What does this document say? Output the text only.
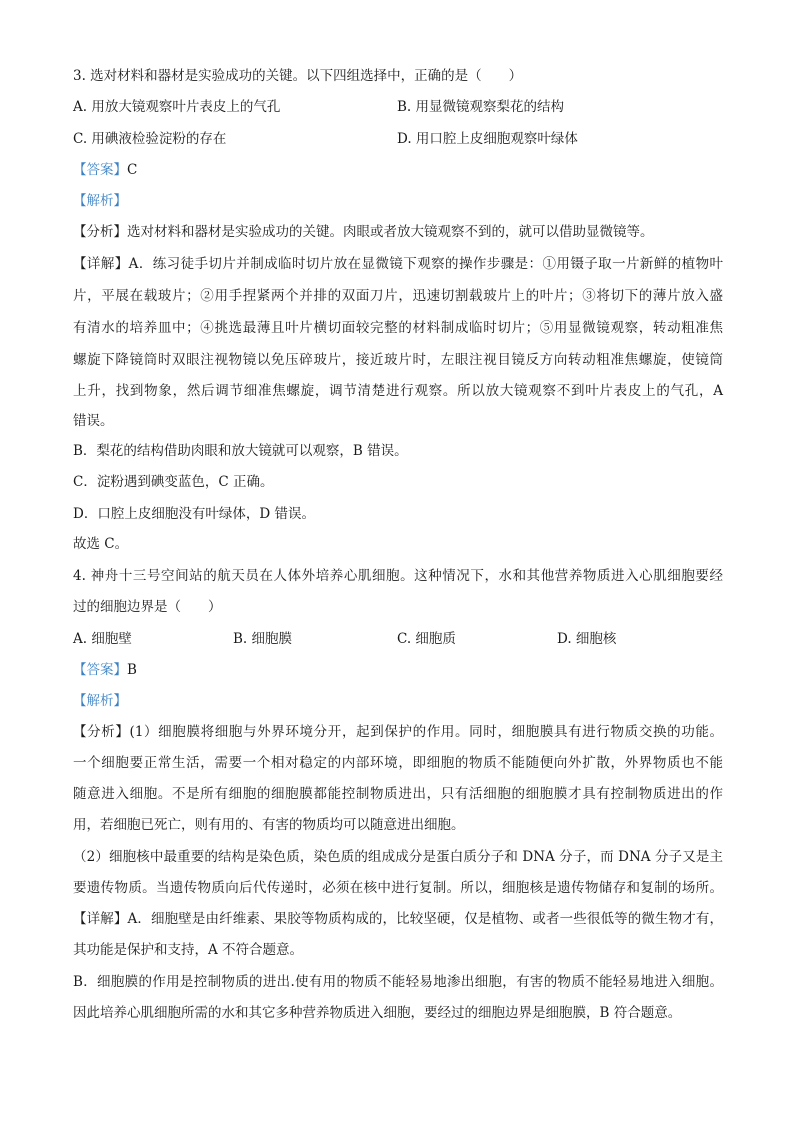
3. 选对材料和器材是实验成功的关键。以下四组选择中，正确的是（　　）
A. 用放大镜观察叶片表皮上的气孔	B. 用显微镜观察梨花的结构
C. 用碘液检验淀粉的存在	D. 用口腔上皮细胞观察叶绿体
【答案】C
【解析】
【分析】选对材料和器材是实验成功的关键。肉眼或者放大镜观察不到的，就可以借助显微镜等。
【详解】A．练习徒手切片并制成临时切片放在显微镜下观察的操作步骤是：①用镊子取一片新鲜的植物叶
片，平展在载玻片；②用手捏紧两个并排的双面刀片，迅速切割载玻片上的叶片；③将切下的薄片放入盛
有清水的培养皿中；④挑选最薄且叶片横切面较完整的材料制成临时切片；⑤用显微镜观察，转动粗准焦
螺旋下降镜筒时双眼注视物镜以免压碎玻片，接近玻片时，左眼注视目镜反方向转动粗准焦螺旋，使镜筒
上升，找到物象，然后调节细准焦螺旋，调节清楚进行观察。所以放大镜观察不到叶片表皮上的气孔，A
错误。
B．梨花的结构借助肉眼和放大镜就可以观察，B 错误。
C．淀粉遇到碘变蓝色，C 正确。
D．口腔上皮细胞没有叶绿体，D 错误。
故选 C。
4. 神舟十三号空间站的航天员在人体外培养心肌细胞。这种情况下，水和其他营养物质进入心肌细胞要经
过的细胞边界是（　　）
A. 细胞壁	B. 细胞膜	C. 细胞质	D. 细胞核
【答案】B
【解析】
【分析】(1）细胞膜将细胞与外界环境分开，起到保护的作用。同时，细胞膜具有进行物质交换的功能。
一个细胞要正常生活，需要一个相对稳定的内部环境，即细胞的物质不能随便向外扩散，外界物质也不能
随意进入细胞。不是所有细胞的细胞膜都能控制物质进出，只有活细胞的细胞膜才具有控制物质进出的作
用，若细胞已死亡，则有用的、有害的物质均可以随意进出细胞。
（2）细胞核中最重要的结构是染色质，染色质的组成成分是蛋白质分子和 DNA 分子，而 DNA 分子又是主
要遗传物质。当遗传物质向后代传递时，必须在核中进行复制。所以，细胞核是遗传物储存和复制的场所。
【详解】A．细胞壁是由纤维素、果胶等物质构成的，比较坚硬，仅是植物、或者一些很低等的微生物才有，
其功能是保护和支持，A 不符合题意。
B．细胞膜的作用是控制物质的进出.使有用的物质不能轻易地渗出细胞，有害的物质不能轻易地进入细胞。
因此培养心肌细胞所需的水和其它多种营养物质进入细胞，要经过的细胞边界是细胞膜，B 符合题意。
